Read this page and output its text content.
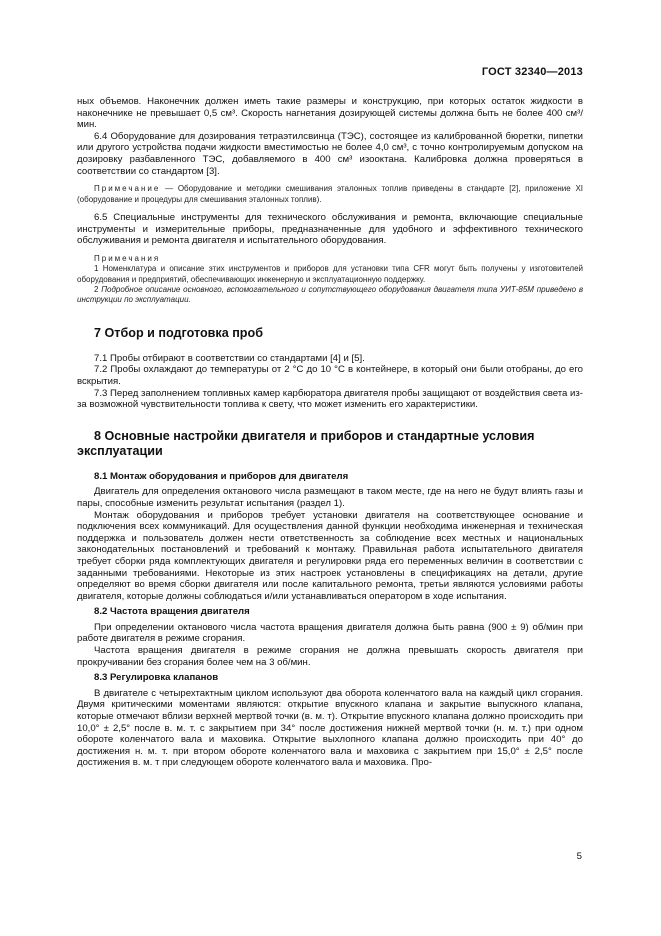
ГОСТ 32340—2013

ных объемов. Наконечник должен иметь такие размеры и конструкцию, при которых остаток жидкости в наконечнике не превышает 0,5 см³. Скорость нагнетания дозирующей системы должна быть не более 400 см³/мин.

6.4 Оборудование для дозирования тетраэтилсвинца (ТЭС), состоящее из калиброванной бюретки, пипетки или другого устройства подачи жидкости вместимостью не более 4,0 см³, с точно контролируемым допуском на дозировку разбавленного ТЭС, добавляемого в 400 см³ изооктана. Калибровка должна проверяться в соответствии со стандартом [3].

Примечание — Оборудование и методики смешивания эталонных топлив приведены в стандарте [2], приложение XI (оборудование и процедуры для смешивания эталонных топлив).

6.5 Специальные инструменты для технического обслуживания и ремонта, включающие специальные инструменты и измерительные приборы, предназначенные для удобного и эффективного технического обслуживания и ремонта двигателя и испытательного оборудования.

Примечания

1 Номенклатура и описание этих инструментов и приборов для установки типа CFR могут быть получены у изготовителей оборудования и предприятий, обеспечивающих инженерную и эксплуатационную поддержку.

2 Подробное описание основного, вспомогательного и сопутствующего оборудования двигателя типа УИТ-85М приведено в инструкции по эксплуатации.

7 Отбор и подготовка проб

7.1 Пробы отбирают в соответствии со стандартами [4] и [5].

7.2 Пробы охлаждают до температуры от 2 °С до 10 °С в контейнере, в который они были отобраны, до его вскрытия.

7.3 Перед заполнением топливных камер карбюратора двигателя пробы защищают от воздействия света из-за возможной чувствительности топлива к свету, что может изменить его характеристики.

8 Основные настройки двигателя и приборов и стандартные условия эксплуатации
8.1 Монтаж оборудования и приборов для двигателя

Двигатель для определения октанового числа размещают в таком месте, где на него не будут влиять газы и пары, способные изменить результат испытания (раздел 1).

Монтаж оборудования и приборов требует установки двигателя на соответствующее основание и подключения всех коммуникаций. Для осуществления данной функции необходима инженерная и техническая поддержка и пользователь должен нести ответственность за соблюдение всех местных и национальных законодательных постановлений и требований к монтажу. Правильная работа испытательного двигателя требует сборки ряда комплектующих двигателя и регулировки ряда его переменных величин в соответствии с заданными требованиями. Некоторые из этих настроек установлены в спецификациях на детали, другие определяют во время сборки двигателя или после капитального ремонта, третьи являются условиями работы двигателя, которые должны соблюдаться и/или устанавливаться оператором в ходе испытания.

8.2 Частота вращения двигателя

При определении октанового числа частота вращения двигателя должна быть равна (900 ± 9) об/мин при работе двигателя в режиме сгорания.

Частота вращения двигателя в режиме сгорания не должна превышать скорость двигателя при прокручивании без сгорания более чем на 3 об/мин.

8.3 Регулировка клапанов

В двигателе с четырехтактным циклом используют два оборота коленчатого вала на каждый цикл сгорания. Двумя критическими моментами являются: открытие впускного клапана и закрытие выпускного клапана, которые отмечают вблизи верхней мертвой точки (в. м. т). Открытие впускного клапана должно происходить при 10,0° ± 2,5° после в. м. т. с закрытием при 34° после достижения нижней мертвой точки (н. м. т.) при одном обороте коленчатого вала и маховика. Открытие выхлопного клапана должно происходить при 40° до достижения н. м. т. при втором обороте коленчатого вала и маховика с закрытием при 15,0° ± 2,5° после достижения в. м. т при следующем обороте коленчатого вала и маховика. Про-

5
